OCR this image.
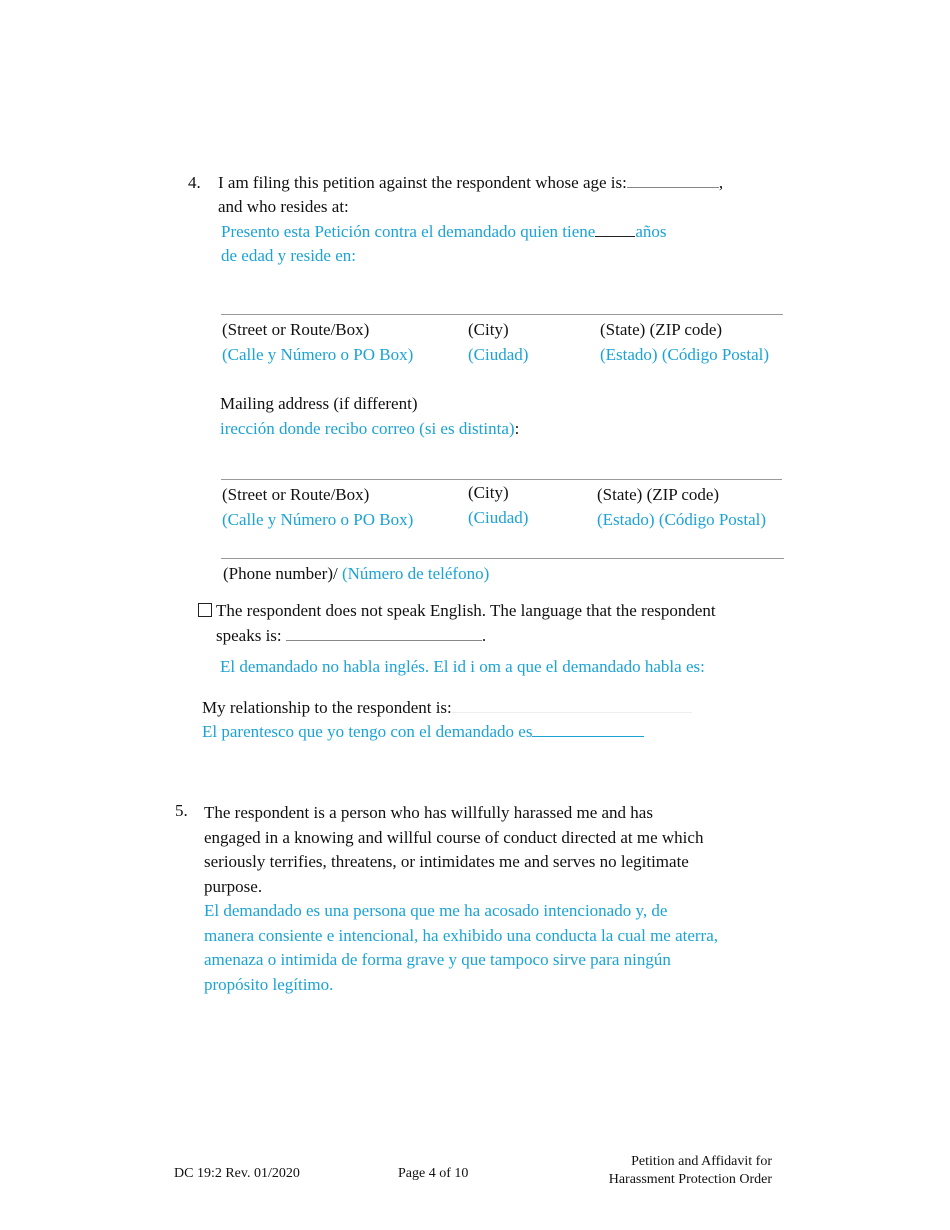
4. I am filing this petition against the respondent whose age is:	,
and who resides at:
Presento esta Petición contra el demandado quien tiene años
de edad y reside en:
(Street or Route/Box)	(City)	(State) (ZIP code)
(Calle y Número o PO Box)	(Ciudad)	(Estado) (Código Postal)
Mailing address (if different)
irección donde recibo correo (si es distinta):
(Street or Route/Box)	(City)	(State) (ZIP code)
(Calle y Número o PO Box)	(Ciudad)	(Estado) (Código Postal)
(Phone number)/ (Número de teléfono)
The respondent does not speak English. The language that the respondent
speaks is:	.
El demandado no habla inglés. El id i om a que el demandado habla es:
My relationship to the respondent is:
El parentesco que yo tengo con el demandado es
5. The respondent is a person who has willfully harassed me and has
engaged in a knowing and willful course of conduct directed at me which
seriously terrifies, threatens, or intimidates me and serves no legitimate
purpose.
El demandado es una persona que me ha acosado intencionado y, de
manera consiente e intencional, ha exhibido una conducta la cual me aterra,
amenaza o intimida de forma grave y que tampoco sirve para ningún
propósito legítimo.
DC 19:2 Rev. 01/2020	Page 4 of 10
Petition and Affidavit for
Harassment Protection Order
